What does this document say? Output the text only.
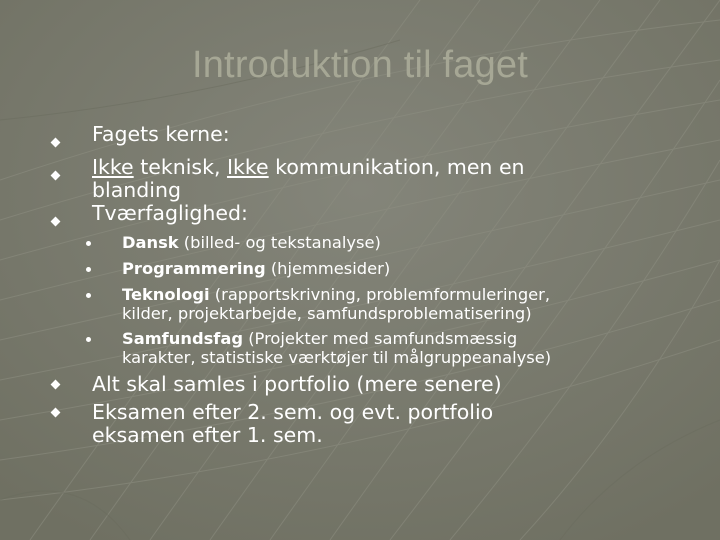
Introduktion til faget
Fagets kerne:
Ikke teknisk, Ikke kommunikation, men en
blanding
Tværfaglighed:
Dansk (billed- og tekstanalyse)
Programmering (hjemmesider)
Teknologi (rapportskrivning, problemformuleringer,
kilder, projektarbejde, samfundsproblematisering)
Samfundsfag (Projekter med samfundsmæssig
karakter, statistiske værktøjer til målgruppeanalyse)
Alt skal samles i portfolio (mere senere)
Eksamen efter 2. sem. og evt. portfolio
eksamen efter 1. sem.
